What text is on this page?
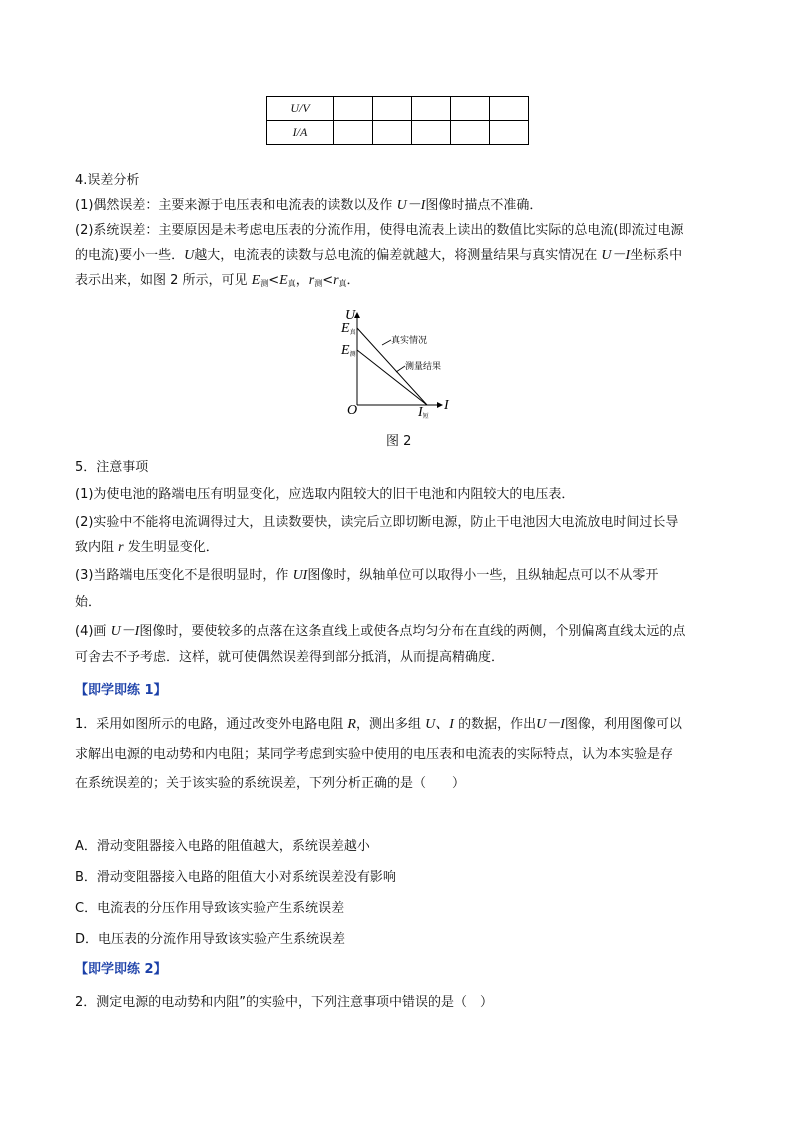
U/V					
I/A					
4.误差分析
(1)偶然误差：主要来源于电压表和电流表的读数以及作 U－I图像时描点不准确．
(2)系统误差：主要原因是未考虑电压表的分流作用，使得电流表上读出的数值比实际的总电流(即流过电源
的电流)要小一些．U越大，电流表的读数与总电流的偏差就越大，将测量结果与真实情况在 U－I坐标系中
表示出来，如图 2 所示，可见 $E_测<E_真$，$r_测<r_真$．
U
I
O
E真
E测
I短
真实情况
测量结果
图 2
5．注意事项
(1)为使电池的路端电压有明显变化，应选取内阻较大的旧干电池和内阻较大的电压表．
(2)实验中不能将电流调得过大，且读数要快，读完后立即切断电源，防止干电池因大电流放电时间过长导
致内阻 r 发生明显变化．
(3)当路端电压变化不是很明显时，作 UI图像时，纵轴单位可以取得小一些，且纵轴起点可以不从零开
始．
(4)画 U－I图像时，要使较多的点落在这条直线上或使各点均匀分布在直线的两侧，个别偏离直线太远的点
可舍去不予考虑．这样，就可使偶然误差得到部分抵消，从而提高精确度．
【即学即练 1】
1．采用如图所示的电路，通过改变外电路电阻 R，测出多组 U、I 的数据，作出U－I图像，利用图像可以
求解出电源的电动势和内电阻；某同学考虑到实验中使用的电压表和电流表的实际特点，认为本实验是存
在系统误差的；关于该实验的系统误差，下列分析正确的是（　　）
A．滑动变阻器接入电路的阻值越大，系统误差越小
B．滑动变阻器接入电路的阻值大小对系统误差没有影响
C．电流表的分压作用导致该实验产生系统误差
D．电压表的分流作用导致该实验产生系统误差
【即学即练 2】
2．测定电源的电动势和内阻”的实验中，下列注意事项中错误的是（　）
